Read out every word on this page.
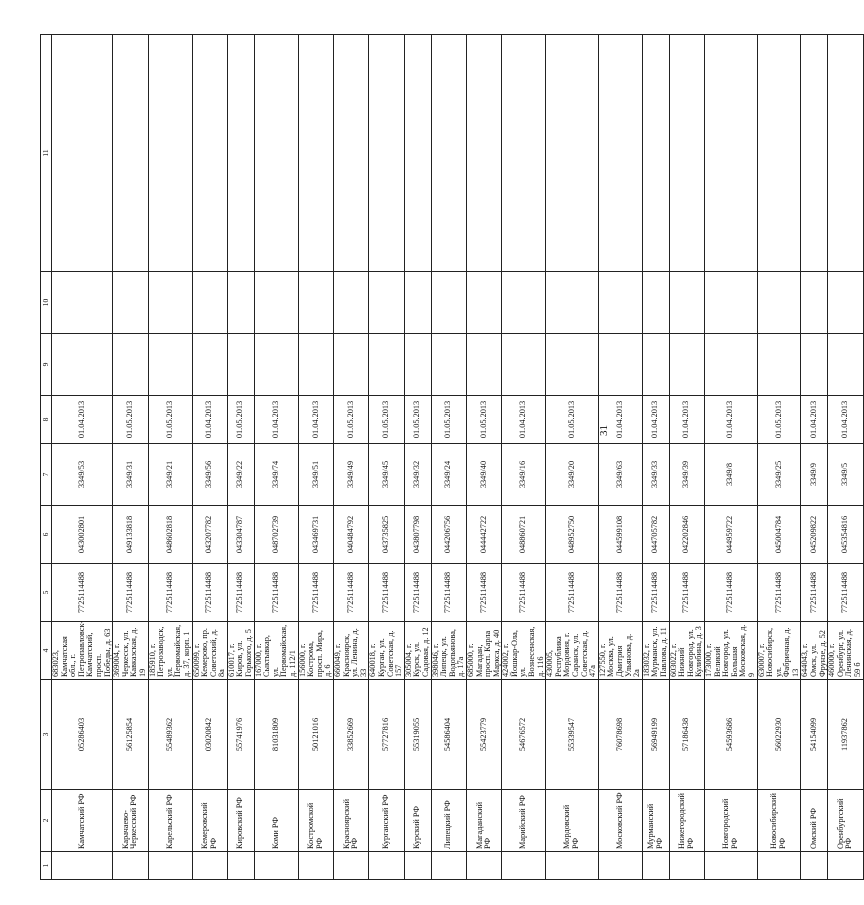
31
1	2	3	4	5	6	7	8	9	10	11
	Камчатский РФ	05286403	683023, Камчатская обл., г. Петропавловск-Камчатский, просп. Победы, д. 63	7725114488	043002801	3349/53	01.04.2013			
	Карачаево-Черкесский РФ	56125854	369004, г. Черкесск, ул. Кавказская, д. 19	7725114488	049133818	3349/31	01.05.2013			
	Карельский РФ	55489362	185910, г. Петрозаводск, ул. Первомайская, д. 37, корп. 1	7725114488	048602818	3349/21	01.05.2013			
	Кемеровский РФ	03020842	650099, г. Кемерово, пр. Советский, д. 8а	7725114488	043207782	3349/56	01.04.2013			
	Кировский РФ	55741976	610017, г. Киров, ул. Горького, д. 5	7725114488	043304787	3349/22	01.05.2013			
	Коми РФ	81031809	167000, г. Сыктывкар, ул. Первомайская, д. 112/1	7725114488	048702739	3349/74	01.04.2013			
	Костромской РФ	50121016	156000, г. Кострома, просп. Мира, д. 6	7725114488	043469731	3349/51	01.04.2013			
	Красноярский РФ	33852669	660049, г. Красноярск, ул. Ленина, д. 33	7725114488	040484792	3349/49	01.05.2013			
	Курганский РФ	57727816	640018, г. Курган, ул. Советская, д. 157	7725114488	043735825	3349/45	01.05.2013			
	Курский РФ	55319055	305004, г. Курск, ул. Садовая, д. 12	7725114488	043807798	3349/32	01.05.2013			
	Липецкий РФ	54586404	398046, г. Липецк, ул. Водопьянова, д. 17а	7725114488	044206756	3349/24	01.05.2013			
	Магаданский РФ	55423779	685000, г. Магадан, просп. Карла Маркса, д. 40	7725114488	044442722	3349/40	01.05.2013			
	Марийский РФ	54676572	424002, г. Йошкар-Ола, ул. Вознесенская, д. 116	7725114488	048860721	3349/16	01.04.2013			
	Мордовский РФ	55339547	430005, Республика Мордовия, г. Саранск, ул. Советская, д. 47а	7725114488	048952750	3349/20	01.05.2013			
	Московский РФ	76078698	127550, г. Москва, ул. Дмитрия Ульянова, д. 2а	7725114488	044599108	3349/63	01.04.2013			
	Мурманский РФ	56949199	183032, г. Мурманск, ул. Павлова, д. 11	7725114488	044705782	3349/33	01.04.2013			
	Нижегородский РФ	57186438	603022, г. Нижний Новгород, ул. Кулибина, д. 3	7725114488	042202846	3349/39	01.04.2013			
	Новгородский РФ	54593686	173000, г. Великий Новгород, ул. Большая Московская, д. 9	7725114488	044959722	3349/8	01.04.2013			
	Новосибирский РФ	56022930	630007, г. Новосибирск, ул. Фабричная, д. 13	7725114488	045004784	3349/25	01.05.2013			
	Омский РФ	54154099	644043, г. Омск, ул. Фрунзе, д. 52	7725114488	045209822	3349/9	01.04.2013			
	Оренбургский РФ	11937862	460000, г. Оренбург, ул. Ленинская, д. 59 б	7725114488	045354816	3349/5	01.04.2013			
